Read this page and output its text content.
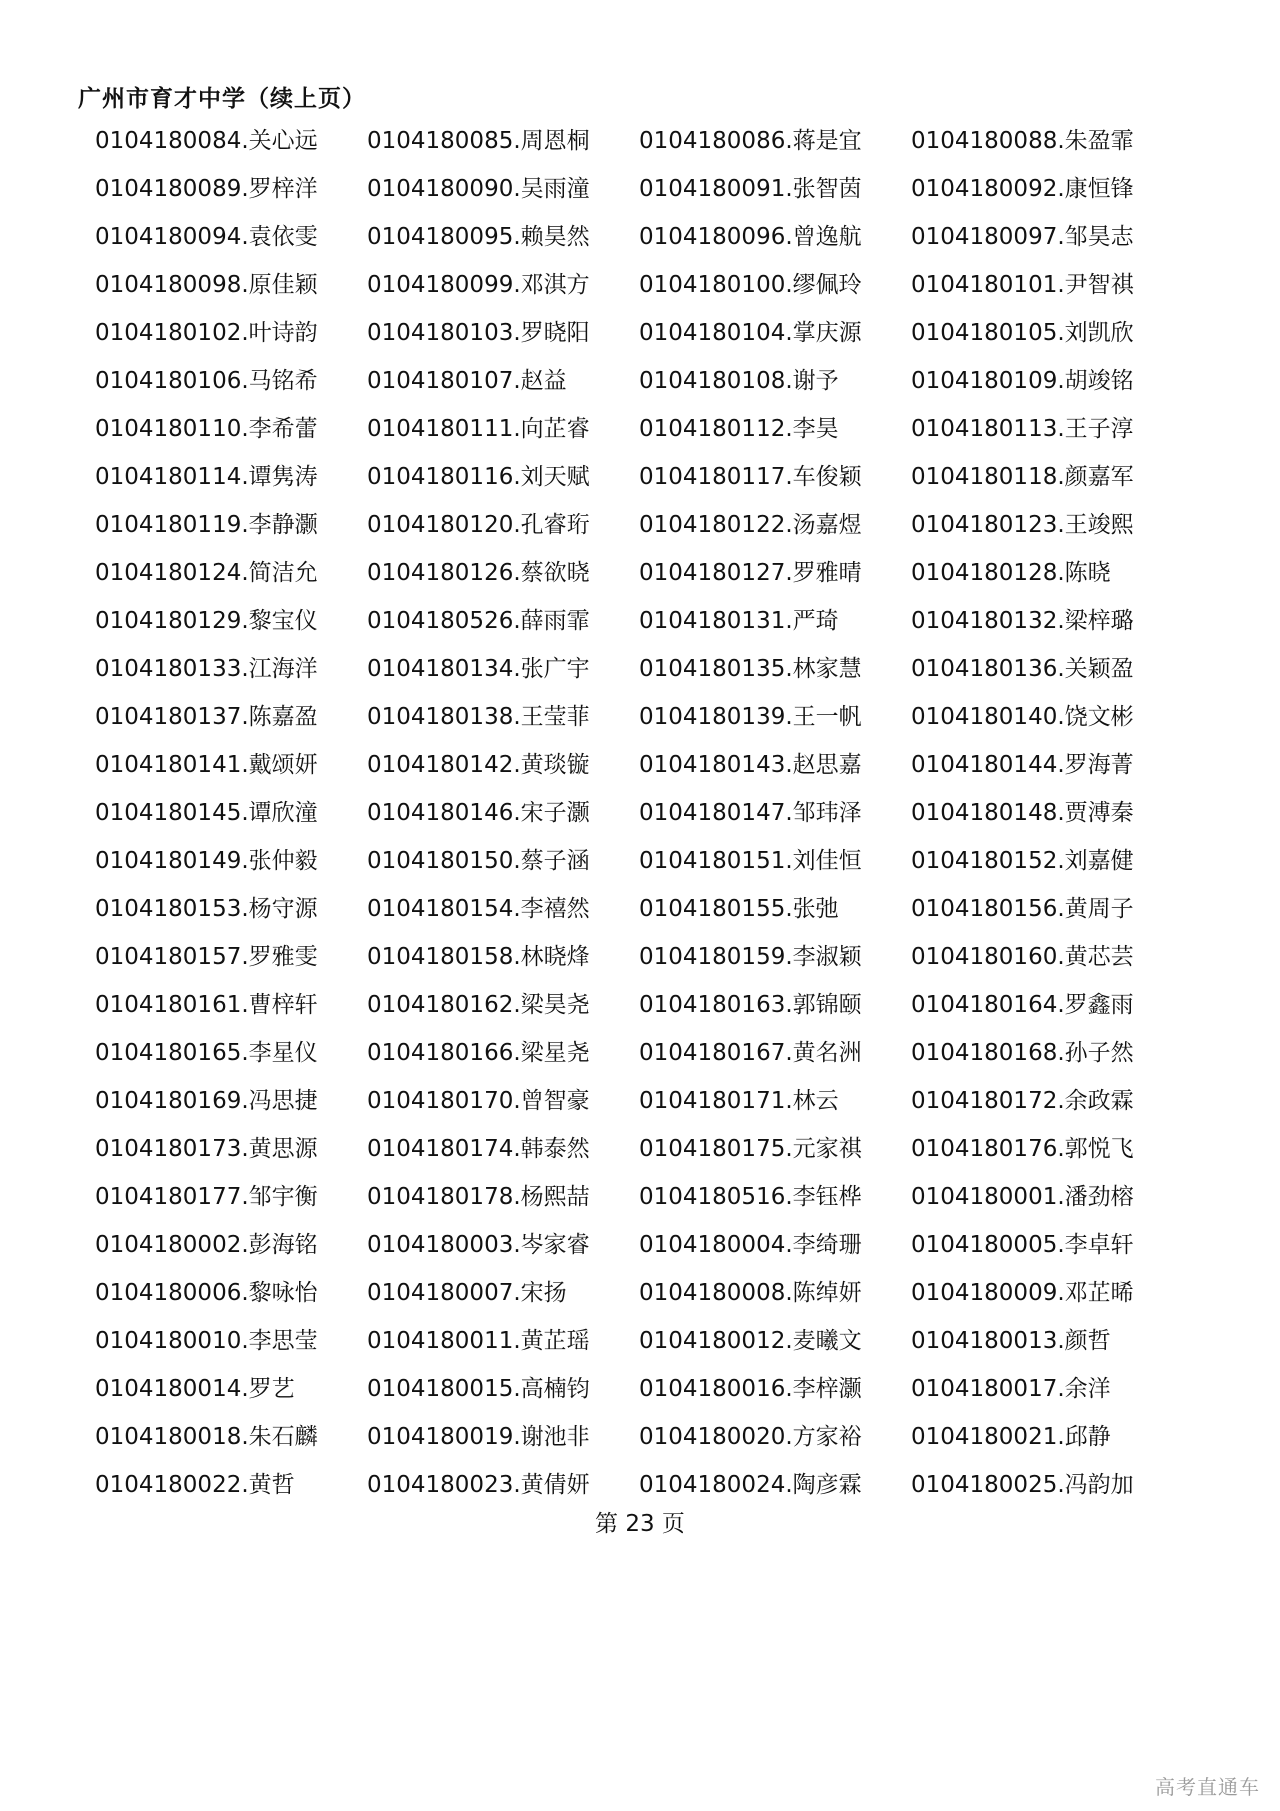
广州市育才中学（续上页）
0104180084.关心远	0104180085.周恩桐	0104180086.蒋是宜	0104180088.朱盈霏
0104180089.罗梓洋	0104180090.吴雨潼	0104180091.张智茵	0104180092.康恒锋
0104180094.袁依雯	0104180095.赖昊然	0104180096.曾逸航	0104180097.邹昊志
0104180098.原佳颖	0104180099.邓淇方	0104180100.缪佩玲	0104180101.尹智祺
0104180102.叶诗韵	0104180103.罗晓阳	0104180104.掌庆源	0104180105.刘凯欣
0104180106.马铭希	0104180107.赵益	0104180108.谢予	0104180109.胡竣铭
0104180110.李希蕾	0104180111.向芷睿	0104180112.李昊	0104180113.王子淳
0104180114.谭隽涛	0104180116.刘天赋	0104180117.车俊颖	0104180118.颜嘉军
0104180119.李静灏	0104180120.孔睿珩	0104180122.汤嘉煜	0104180123.王竣熙
0104180124.简洁允	0104180126.蔡欲晓	0104180127.罗雅晴	0104180128.陈晓
0104180129.黎宝仪	0104180526.薛雨霏	0104180131.严琦	0104180132.梁梓璐
0104180133.江海洋	0104180134.张广宇	0104180135.林家慧	0104180136.关颖盈
0104180137.陈嘉盈	0104180138.王莹菲	0104180139.王一帆	0104180140.饶文彬
0104180141.戴颂妍	0104180142.黄琰镟	0104180143.赵思嘉	0104180144.罗海菁
0104180145.谭欣潼	0104180146.宋子灏	0104180147.邹玮泽	0104180148.贾溥秦
0104180149.张仲毅	0104180150.蔡子涵	0104180151.刘佳恒	0104180152.刘嘉健
0104180153.杨守源	0104180154.李禧然	0104180155.张弛	0104180156.黄周子
0104180157.罗雅雯	0104180158.林晓烽	0104180159.李淑颖	0104180160.黄芯芸
0104180161.曹梓轩	0104180162.梁昊尧	0104180163.郭锦颐	0104180164.罗鑫雨
0104180165.李星仪	0104180166.梁星尧	0104180167.黄名洲	0104180168.孙子然
0104180169.冯思捷	0104180170.曾智豪	0104180171.林云	0104180172.余政霖
0104180173.黄思源	0104180174.韩泰然	0104180175.元家祺	0104180176.郭悦飞
0104180177.邹宇衡	0104180178.杨熙喆	0104180516.李钰桦	0104180001.潘劲榕
0104180002.彭海铭	0104180003.岑家睿	0104180004.李绮珊	0104180005.李卓轩
0104180006.黎咏怡	0104180007.宋扬	0104180008.陈绰妍	0104180009.邓芷晞
0104180010.李思莹	0104180011.黄芷瑶	0104180012.麦曦文	0104180013.颜哲
0104180014.罗艺	0104180015.高楠钧	0104180016.李梓灏	0104180017.余洋
0104180018.朱石麟	0104180019.谢池非	0104180020.方家裕	0104180021.邱静
0104180022.黄哲	0104180023.黄倩妍	0104180024.陶彦霖	0104180025.冯韵加
第 23 页
高考直通车
